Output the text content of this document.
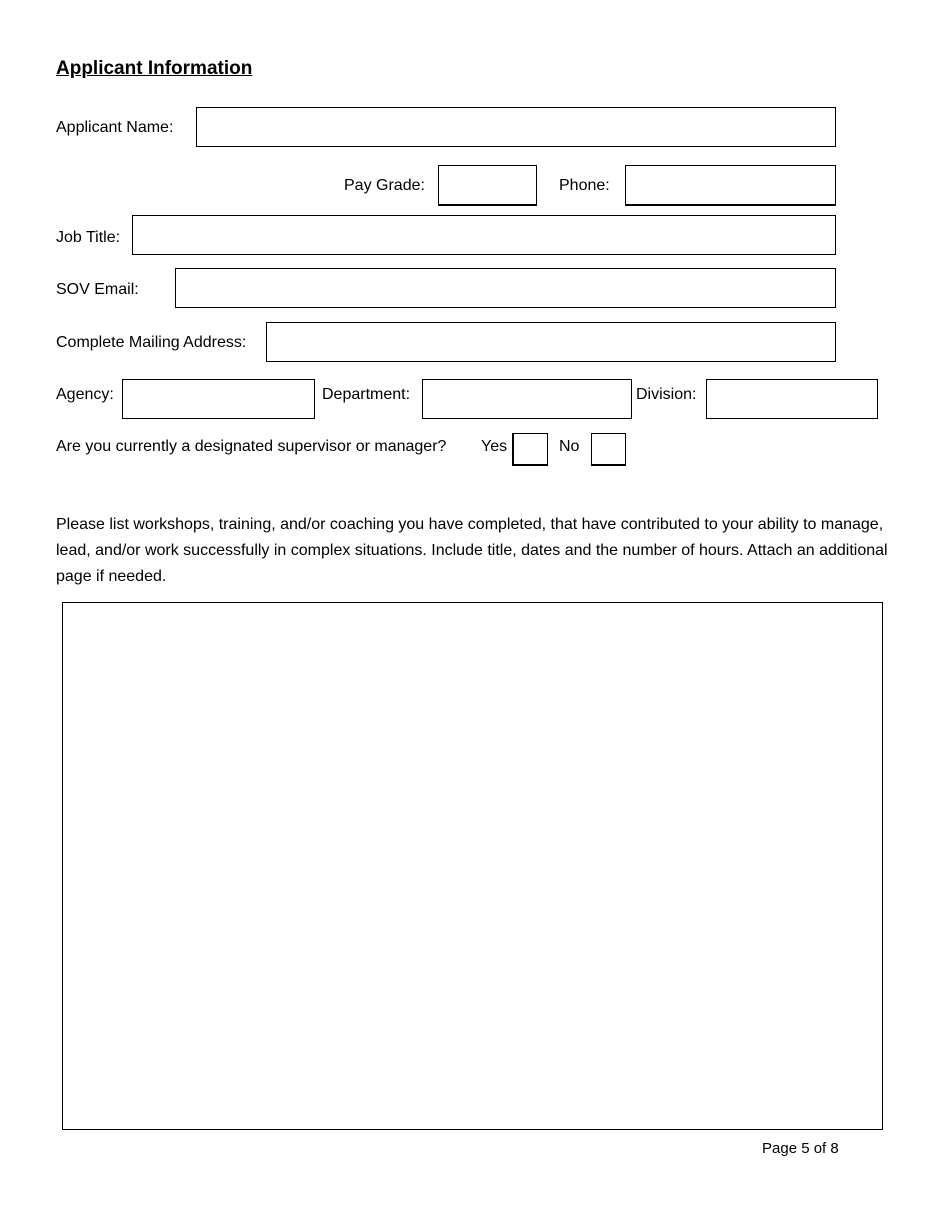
Applicant Information
Applicant Name:
Pay Grade:	Phone:
Job Title:
SOV Email:
Complete Mailing Address:
Agency:	Department:	Division:
Are you currently a designated supervisor or manager? Yes	No
Please list workshops, training, and/or coaching you have completed, that have contributed to your ability to manage, lead, and/or work successfully in complex situations. Include title, dates and the number of hours. Attach an additional page if needed.
Page 5 of 8
